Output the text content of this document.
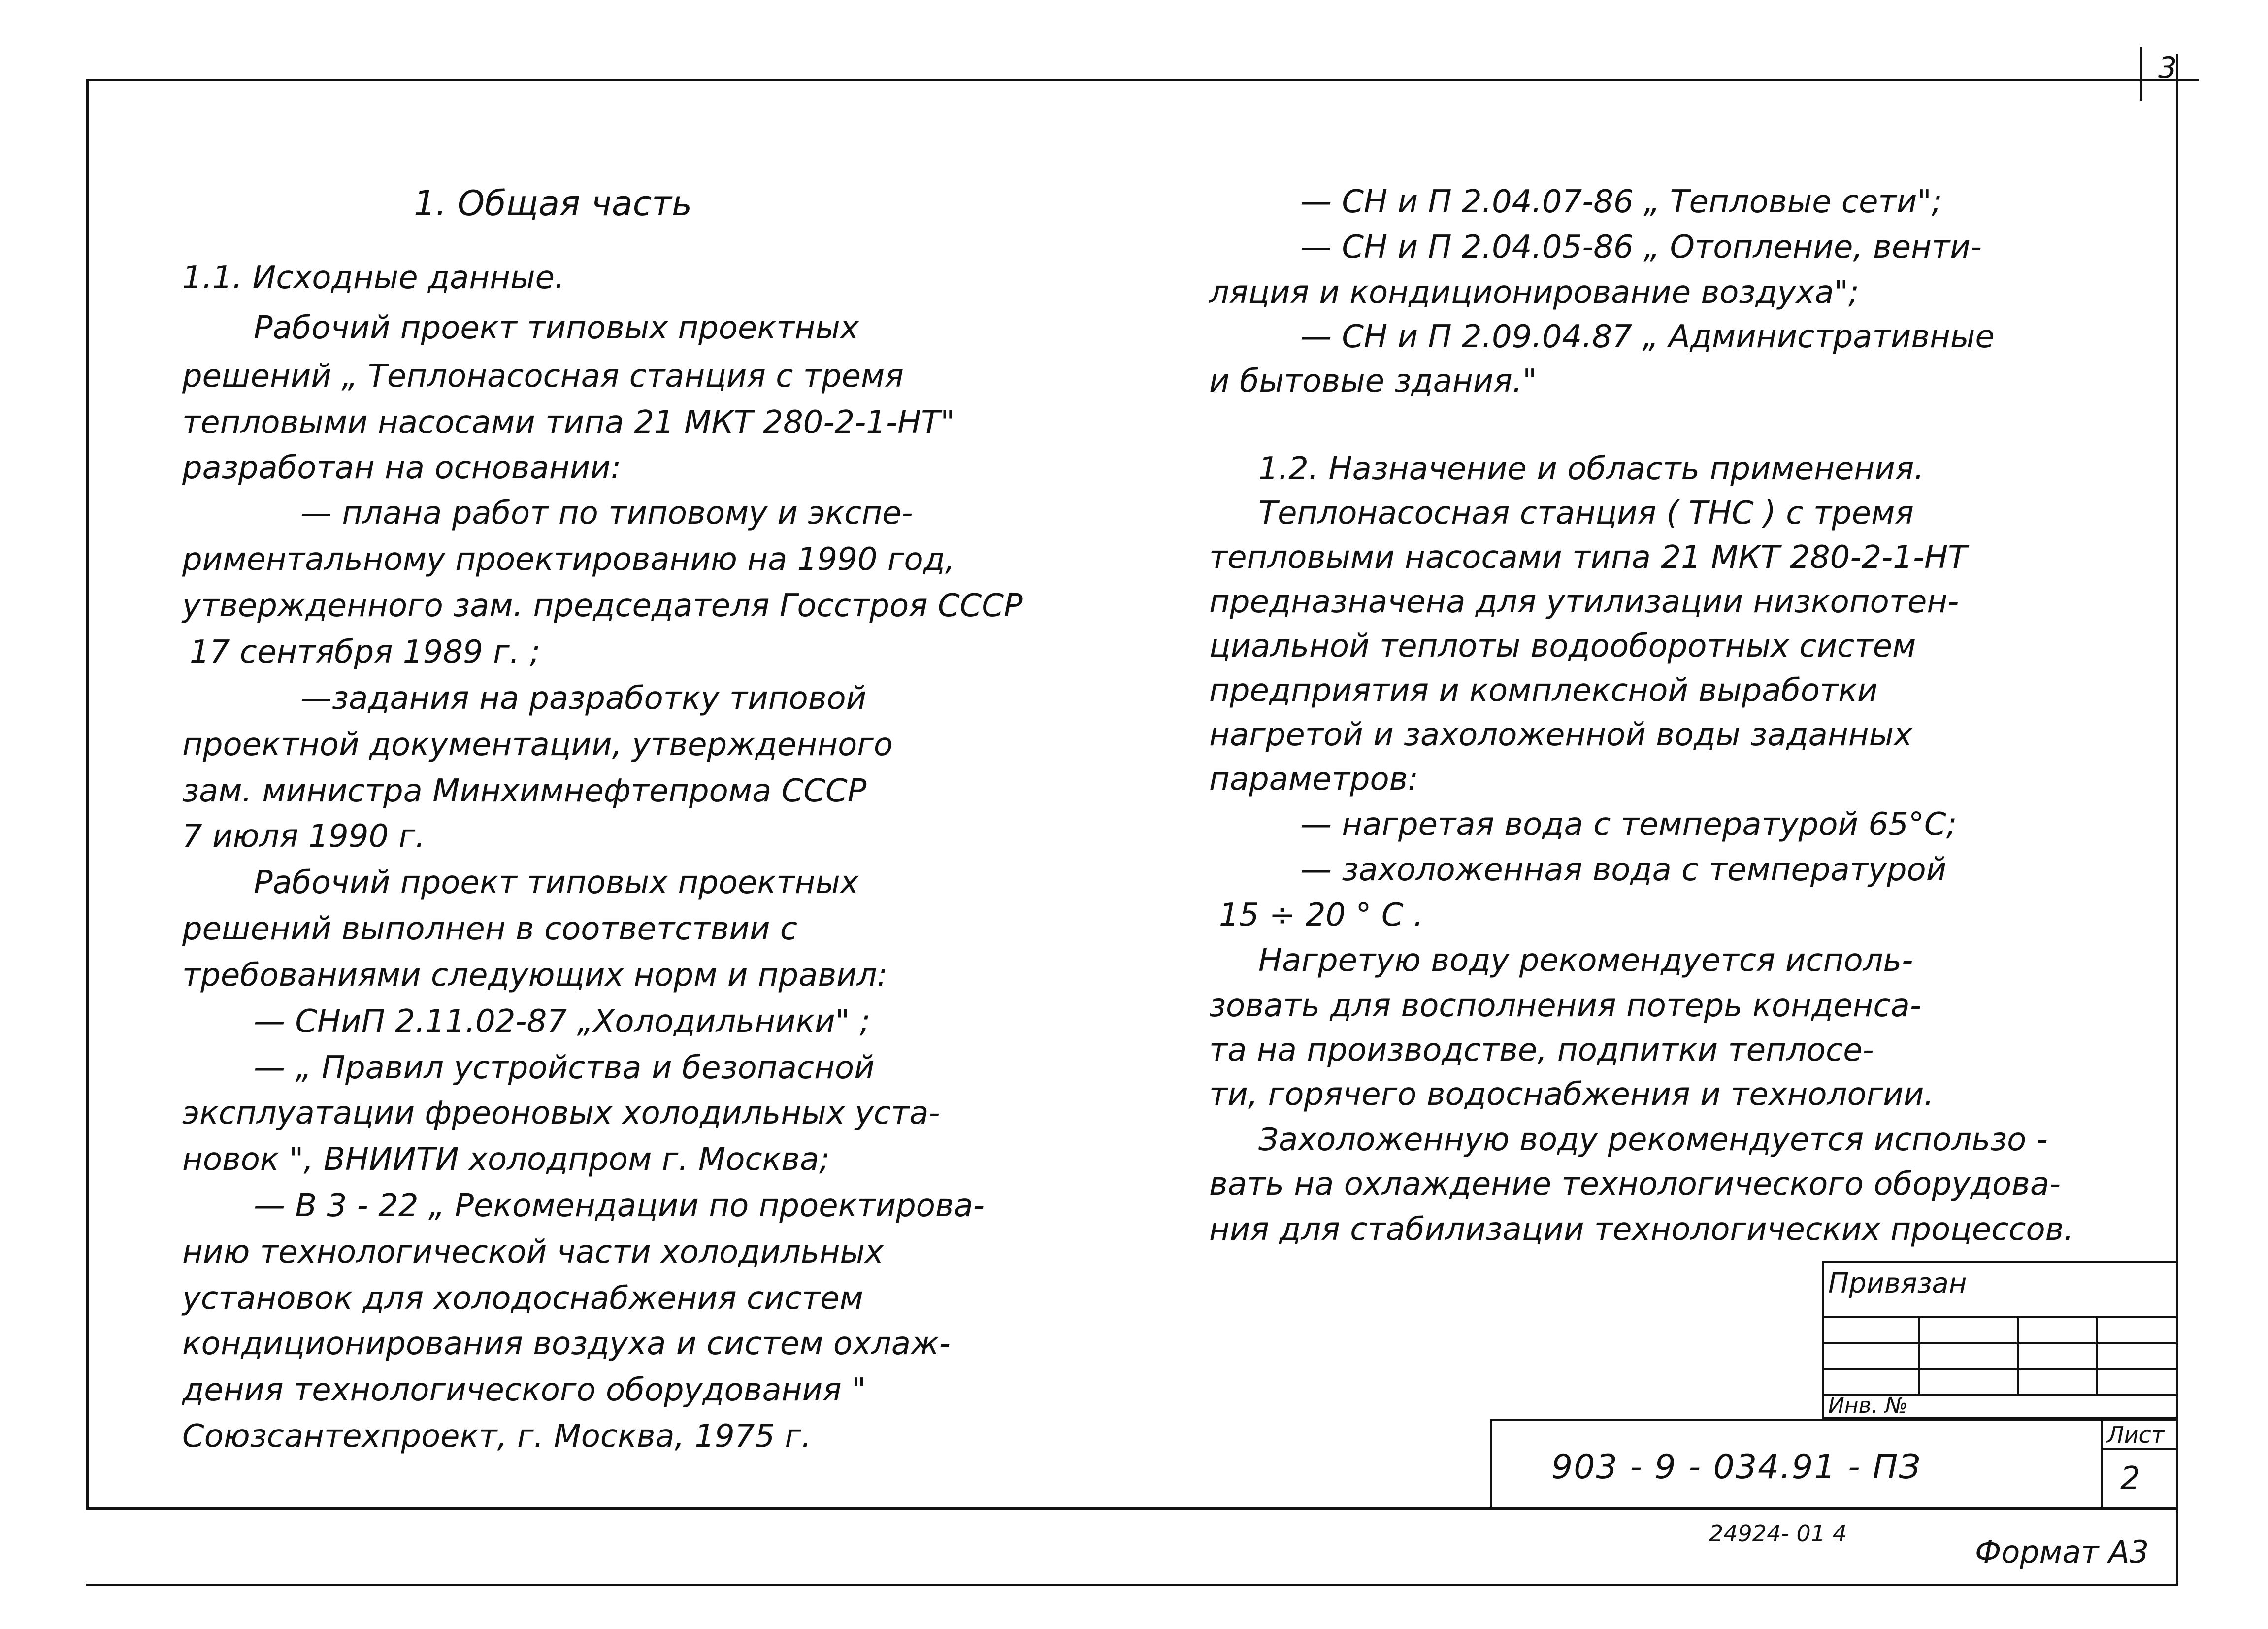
3
1. Общая часть
1.1. Исходные данные.
Рабочий проект типовых проектных
решений „ Теплонасосная станция с тремя
тепловыми насосами типа 21 МКТ 280-2-1-НТ"
разработан на основании:
— плана работ по типовому и экспе-
риментальному проектированию на 1990 год,
утвержденного зам. председателя Госстроя СССР
17 сентября 1989 г. ;
—задания на разработку типовой
проектной документации, утвержденного
зам. министра Минхимнефтепрома СССР
7 июля 1990 г.
Рабочий проект типовых проектных
решений выполнен в соответствии с
требованиями следующих норм и правил:
— СНиП 2.11.02-87 „Холодильники" ;
— „ Правил устройства и безопасной
эксплуатации фреоновых холодильных уста-
новок ", ВНИИТИ холодпром г. Москва;
— В 3 - 22 „ Рекомендации по проектирова-
нию технологической части холодильных
установок для холодоснабжения систем
кондиционирования воздуха и систем охлаж-
дения технологического оборудования "
Союзсантехпроект, г. Москва, 1975 г.
— СН и П 2.04.07-86 „ Тепловые сети";
— СН и П 2.04.05-86 „ Отопление, венти-
ляция и кондиционирование воздуха";
— СН и П 2.09.04.87 „ Административные
и бытовые здания."
1.2. Назначение и область применения.
Теплонасосная станция ( ТНС ) с тремя
тепловыми насосами типа 21 МКТ 280-2-1-НТ
предназначена для утилизации низкопотен-
циальной теплоты водооборотных систем
предприятия и комплексной выработки
нагретой и захоложенной воды заданных
параметров:
— нагретая вода с температурой 65°С;
— захоложенная вода с температурой
15 ÷ 20 ° С .
Нагретую воду рекомендуется исполь-
зовать для восполнения потерь конденса-
та на производстве, подпитки теплосе-
ти, горячего водоснабжения и технологии.
Захоложенную воду рекомендуется использо -
вать на охлаждение технологического оборудова-
ния для стабилизации технологических процессов.
Привязан
Инв. №
903 - 9 - 034.91 - ПЗ
Лист
2
24924- 01 4
Формат А3
